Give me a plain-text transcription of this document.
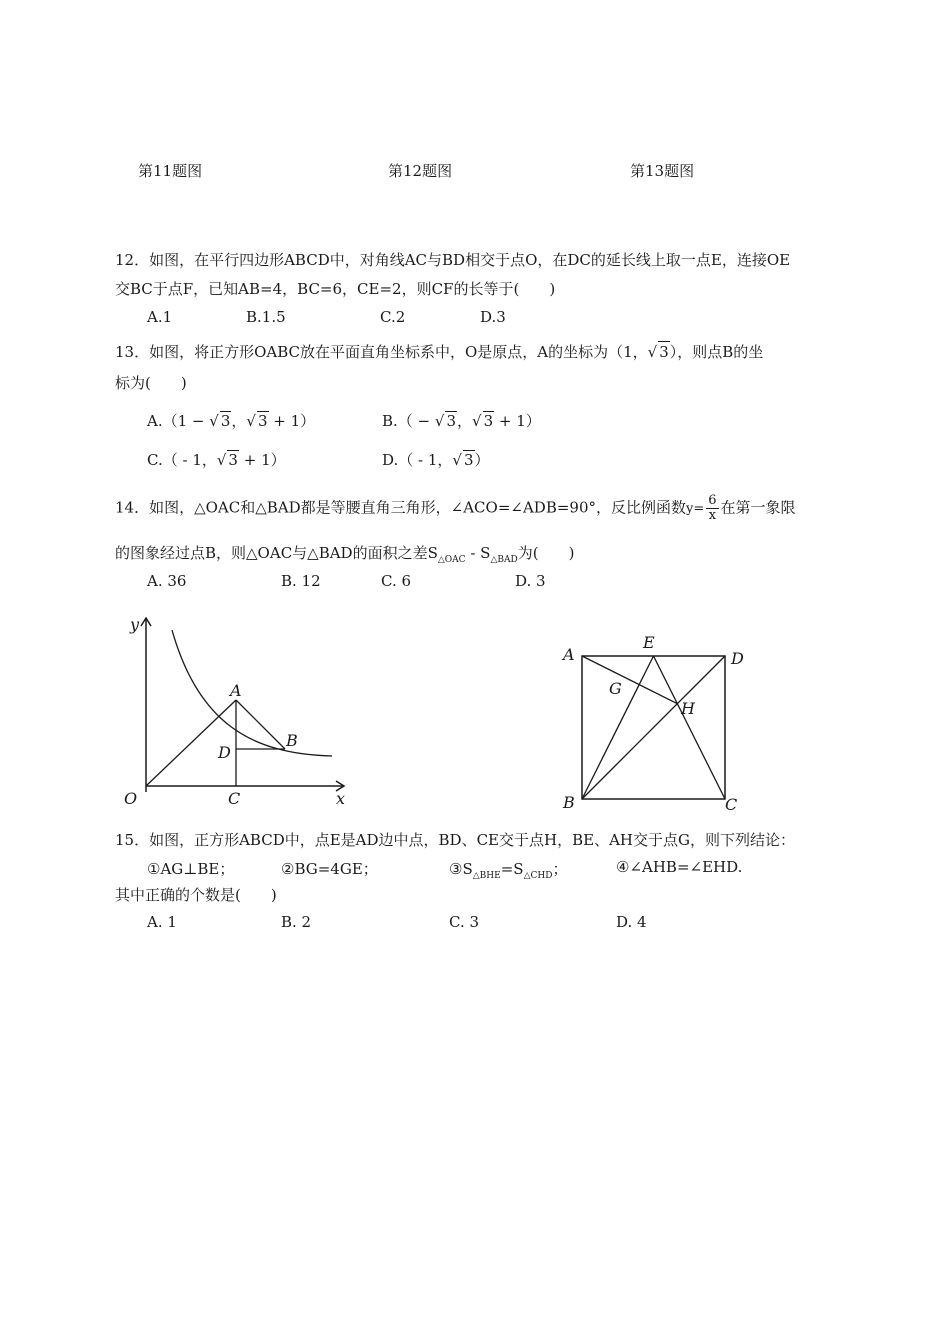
第11题图	第12题图	第13题图
12．如图，在平行四边形ABCD中，对角线AC与BD相交于点O，在DC的延长线上取一点E，连接OE
交BC于点F，已知AB=4，BC=6，CE=2，则CF的长等于(　　)
A.1	B.1.5	C.2	D.3
13．如图，将正方形OABC放在平面直角坐标系中，O是原点，A的坐标为（1，√ 3），则点B的坐
标为(　　)
A.（1 − √ 3，√ 3 + 1）	B.（ − √ 3，√ 3 + 1）
C.（ - 1，√ 3 + 1）	D.（ - 1，√ 3）
14．如图，△OAC和△BAD都是等腰直角三角形，∠ACO=∠ADB=90°，反比例函数$y= \frac{6}{x}$ 在第一象限
的图象经过点B，则△OAC与△BAD的面积之差$S_{\triangle OAC} - S_{\triangle BAD}$为(　　)
A. 36	B. 12	C. 6	D. 3
y
x
O
A
B
C
D
A	D
B	C
E
G
H
15．如图，正方形ABCD中，点E是AD边中点，BD、CE交于点H，BE、AH交于点G，则下列结论：
①AG⊥BE；	②BG=4GE；	$③S_{\triangle BHE}=S_{\triangle CHD}$；	④∠AHB=∠EHD.
其中正确的个数是(　　)
A. 1	B. 2	C. 3	D. 4
